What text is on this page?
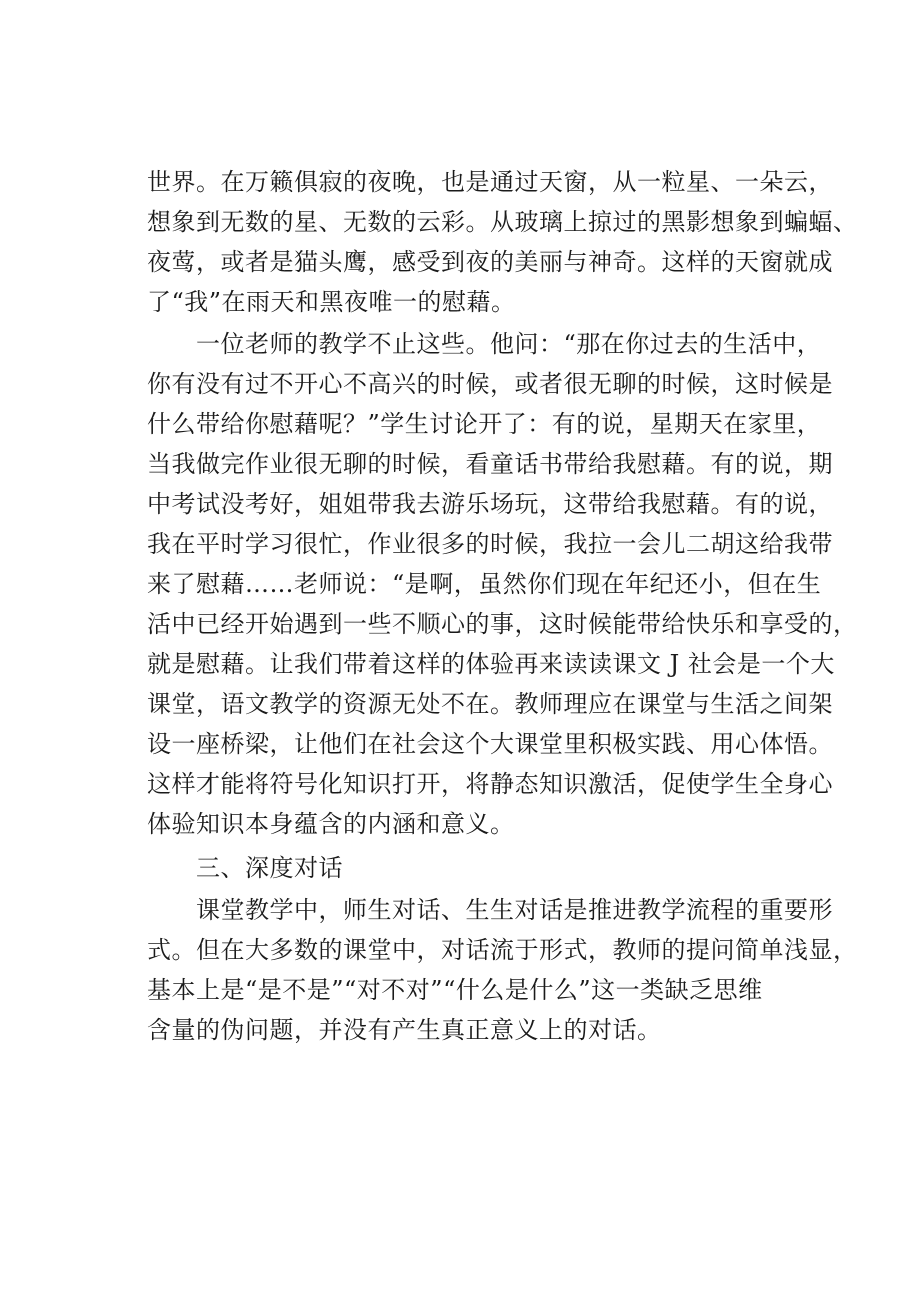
世界。在万籁俱寂的夜晚，也是通过天窗，从一粒星、一朵云，

想象到无数的星、无数的云彩。从玻璃上掠过的黑影想象到蝙蝠、

夜莺，或者是猫头鹰，感受到夜的美丽与神奇。这样的天窗就成

了“我”在雨天和黑夜唯一的慰藉。

　　一位老师的教学不止这些。他问：“那在你过去的生活中，

你有没有过不开心不高兴的时候，或者很无聊的时候，这时候是

什么带给你慰藉呢？”学生讨论开了：有的说，星期天在家里，

当我做完作业很无聊的时候，看童话书带给我慰藉。有的说，期

中考试没考好，姐姐带我去游乐场玩，这带给我慰藉。有的说，

我在平时学习很忙，作业很多的时候，我拉一会儿二胡这给我带

来了慰藉……老师说：“是啊，虽然你们现在年纪还小，但在生

活中已经开始遇到一些不顺心的事，这时候能带给快乐和享受的，

就是慰藉。让我们带着这样的体验再来读读课文 J 社会是一个大

课堂，语文教学的资源无处不在。教师理应在课堂与生活之间架

设一座桥梁，让他们在社会这个大课堂里积极实践、用心体悟。

这样才能将符号化知识打开，将静态知识激活，促使学生全身心

体验知识本身蕴含的内涵和意义。

　　三、深度对话

　　课堂教学中，师生对话、生生对话是推进教学流程的重要形

式。但在大多数的课堂中，对话流于形式，教师的提问简单浅显，

基本上是“是不是”“对不对”“什么是什么”这一类缺乏思维

含量的伪问题，并没有产生真正意义上的对话。
